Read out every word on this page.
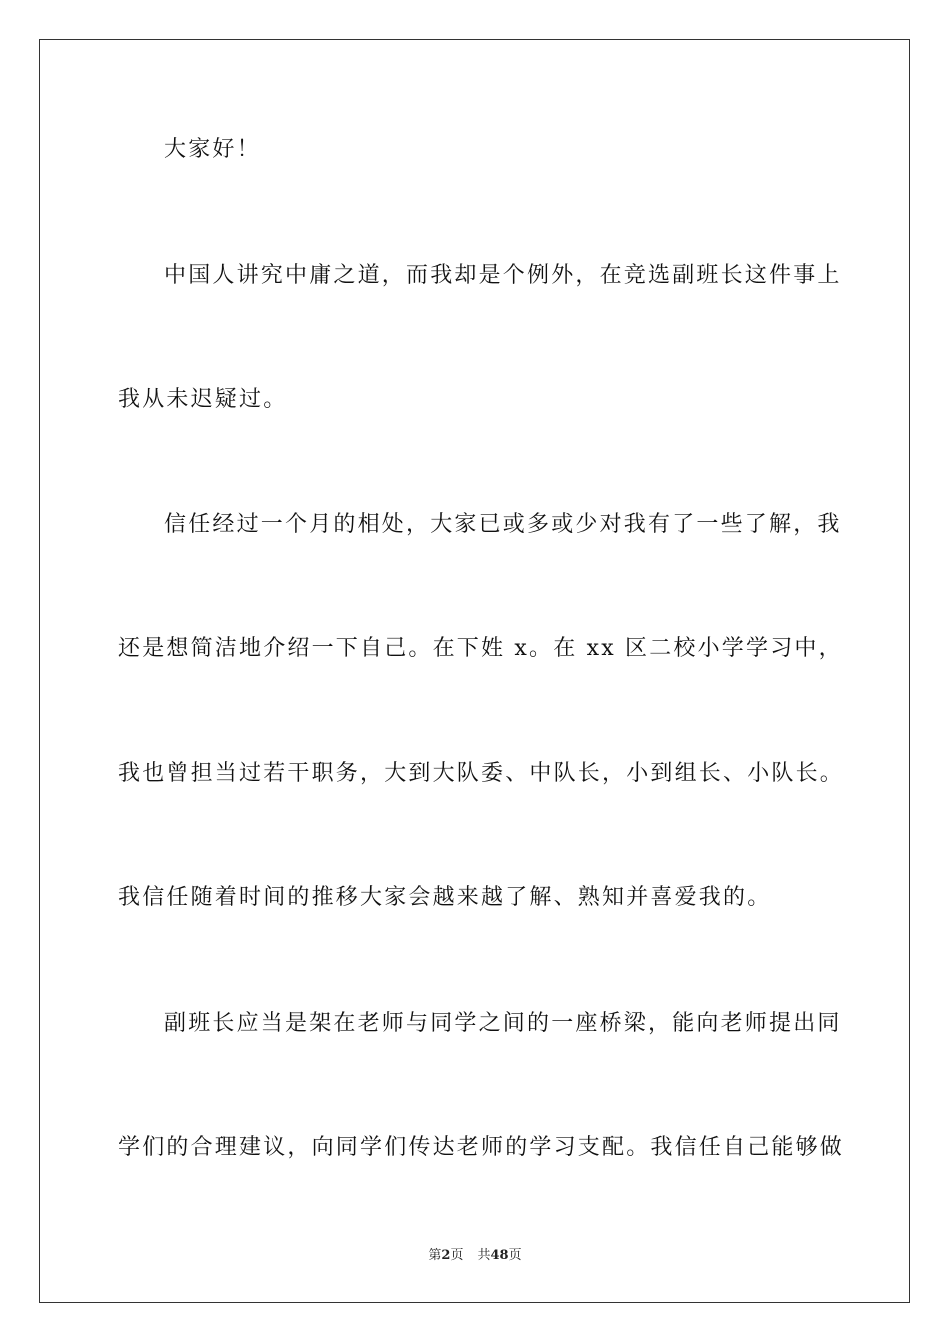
大家好！

中国人讲究中庸之道，而我却是个例外，在竞选副班长这件事上

我从未迟疑过。

信任经过一个月的相处，大家已或多或少对我有了一些了解，我

还是想简洁地介绍一下自己。在下姓 x。在 xx 区二校小学学习中，

我也曾担当过若干职务，大到大队委、中队长，小到组长、小队长。

我信任随着时间的推移大家会越来越了解、熟知并喜爱我的。

副班长应当是架在老师与同学之间的一座桥梁，能向老师提出同

学们的合理建议，向同学们传达老师的学习支配。我信任自己能够做

第2页 共48页
